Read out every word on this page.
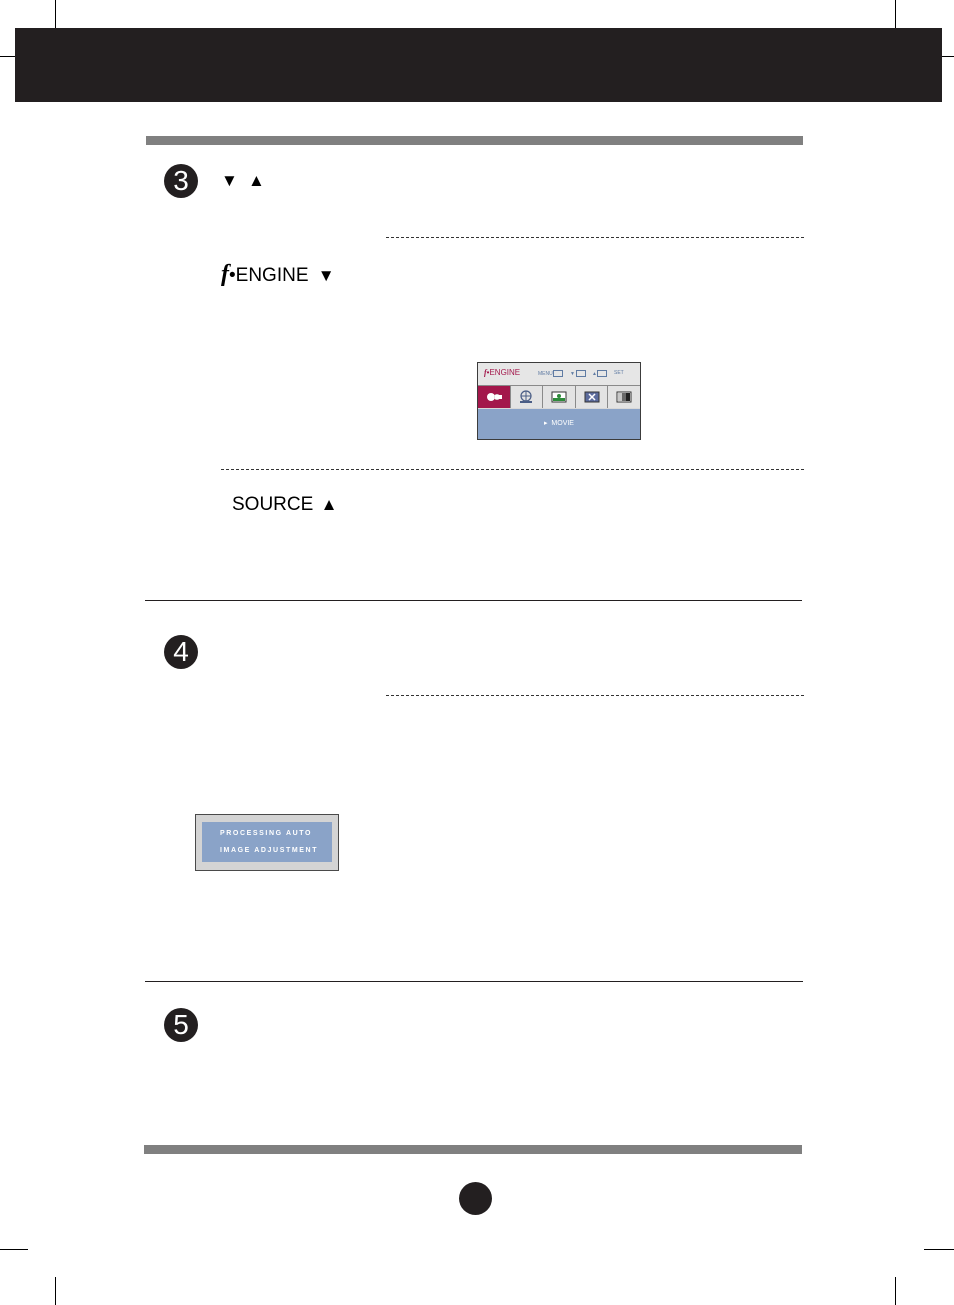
3	▼ ▲
f•ENGINE ▼
f•ENGINE	MENU	▼	▲	SET
▸ MOVIE
SOURCE ▲
4
PROCESSING AUTO
IMAGE ADJUSTMENT
5
